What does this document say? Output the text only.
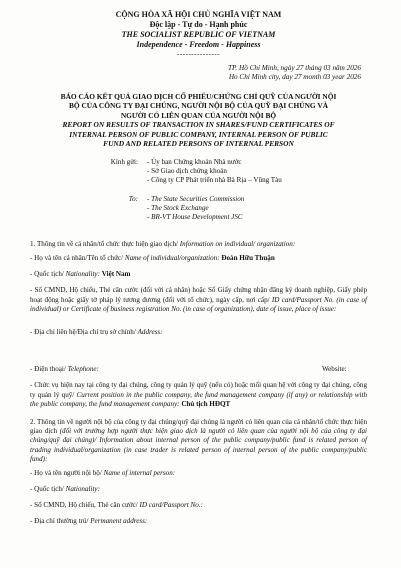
CỘNG HÒA XÃ HỘI CHỦ NGHĨA VIỆT NAM
Độc lập - Tự do - Hạnh phúc
THE SOCIALIST REPUBLIC OF VIETNAM
Independence - Freedom - Happiness
---------------
TP. Hồ Chí Minh, ngày 27 tháng 03 năm 2026
Ho Chi Minh city, day 27 month 03 year 2026
BÁO CÁO KẾT QUẢ GIAO DỊCH CỔ PHIẾU/CHỨNG CHỈ QUỸ CỦA NGƯỜI NỘI
BỘ CỦA CÔNG TY ĐẠI CHÚNG, NGƯỜI NỘI BỘ CỦA QUỸ ĐẠI CHÚNG VÀ
NGƯỜI CÓ LIÊN QUAN CỦA NGƯỜI NỘI BỘ
REPORT ON RESULTS OF TRANSACTION IN SHARES/FUND CERTIFICATES OF
INTERNAL PERSON OF PUBLIC COMPANY, INTERNAL PERSON OF PUBLIC
FUND AND RELATED PERSONS OF INTERNAL PERSON
Kính gửi: - Ủy ban Chứng khoán Nhà nước
- Sở Giao dịch chứng khoán
- Công ty CP Phát triển nhà Bà Rịa – Vũng Tàu
To: - The State Securities Commission
- The Stock Exchange
- BR-VT House Development JSC
1. Thông tin về cá nhân/tổ chức thực hiện giao dịch/ Information on individual/ organization:
- Họ và tên cá nhân/Tên tổ chức/ Name of individual/organization: Đoàn Hữu Thuận
- Quốc tịch/ Nationality: Việt Nam
- Số CMND, Hộ chiếu, Thẻ căn cước (đối với cá nhân) hoặc Số Giấy chứng nhận đăng ký doanh nghiệp, Giấy phép hoạt động hoặc giấy tờ pháp lý tương đương (đối với tổ chức), ngày cấp, nơi cấp/ ID card/Passport No. (in case of individual) or Certificate of business registration No. (in case of organization), date of issue, place of issue:
- Địa chỉ liên hệ/Địa chỉ trụ sở chính/ Address:
- Điện thoại/ Telephone:	Website:
- Chức vụ hiện nay tại công ty đại chúng, công ty quản lý quỹ (nếu có) hoặc mối quan hệ với công ty đại chúng, công ty quản lý quỹ/ Current position in the public company, the fund management company (if any) or relationship with the public company, the fund management company: Chủ tịch HĐQT
2. Thông tin về người nội bộ của công ty đại chúng/quỹ đại chúng là người có liên quan của cá nhân/tổ chức thực hiện giao dịch (đối với trường hợp người thực hiện giao dịch là người có liên quan của người nội bộ của công ty đại chúng/quỹ đại chúng)/ Information about internal person of the public company/public fund is related person of trading individual/organization (in case trader is related person of internal person of the public company/public fund):
- Họ và tên người nội bộ/ Name of internal person:
- Quốc tịch/ Nationality:
- Số CMND, Hộ chiếu, Thẻ căn cước/ ID card/Passport No.:
- Địa chỉ thường trú/ Permanent address:
